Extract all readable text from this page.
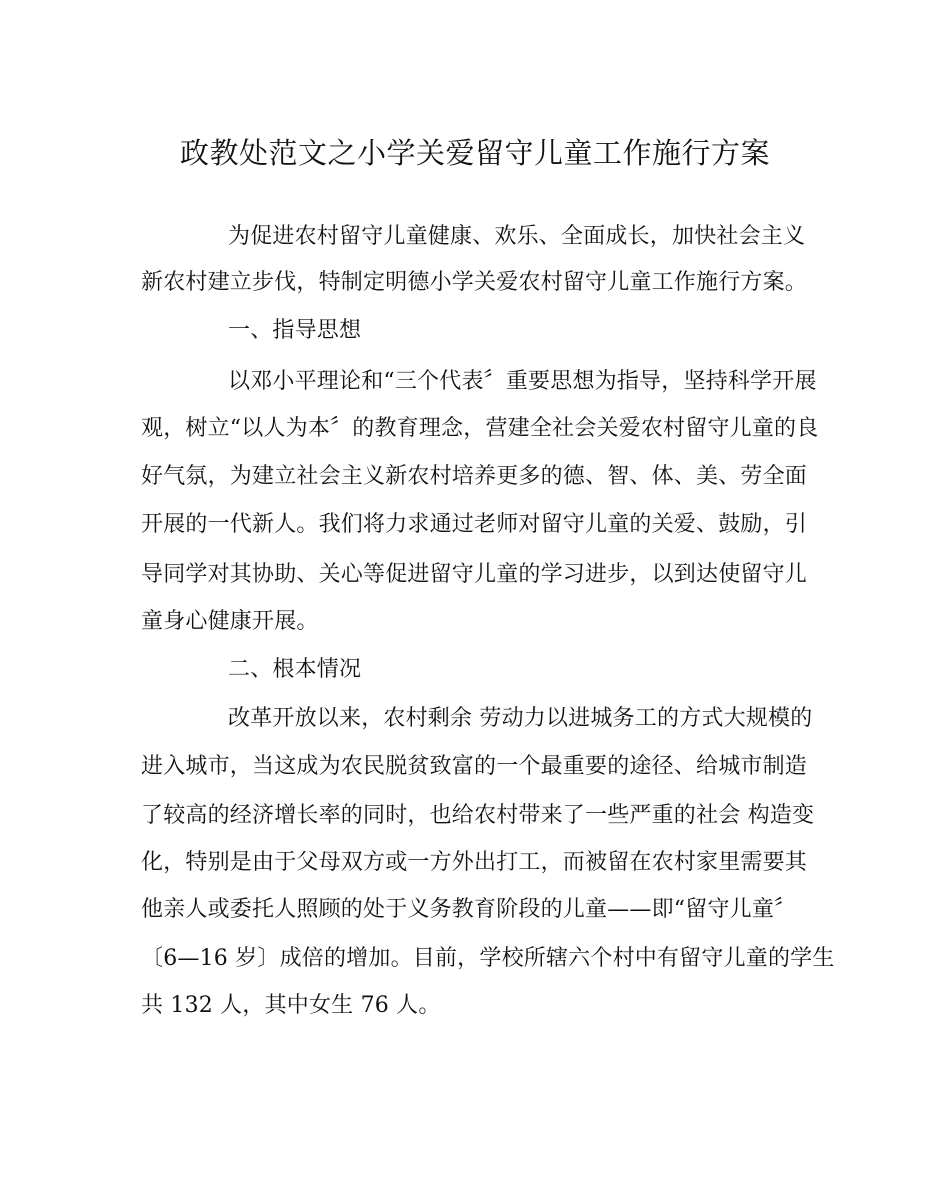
政教处范文之小学关爱留守儿童工作施行方案
为促进农村留守儿童健康、欢乐、全面成长，加快社会主义
新农村建立步伐，特制定明德小学关爱农村留守儿童工作施行方案。
一、指导思想
以邓小平理论和“三个代表〞重要思想为指导，坚持科学开展
观，树立“以人为本〞的教育理念，营建全社会关爱农村留守儿童的良
好气氛，为建立社会主义新农村培养更多的德、智、体、美、劳全面
开展的一代新人。我们将力求通过老师对留守儿童的关爱、鼓励，引
导同学对其协助、关心等促进留守儿童的学习进步，以到达使留守儿
童身心健康开展。
二、根本情况
改革开放以来，农村剩余 劳动力以进城务工的方式大规模的
进入城市，当这成为农民脱贫致富的一个最重要的途径、给城市制造
了较高的经济增长率的同时，也给农村带来了一些严重的社会 构造变
化，特别是由于父母双方或一方外出打工，而被留在农村家里需要其
他亲人或委托人照顾的处于义务教育阶段的儿童——即“留守儿童〞
〔6—16 岁〕成倍的增加。目前，学校所辖六个村中有留守儿童的学生
共 132 人，其中女生 76 人。
